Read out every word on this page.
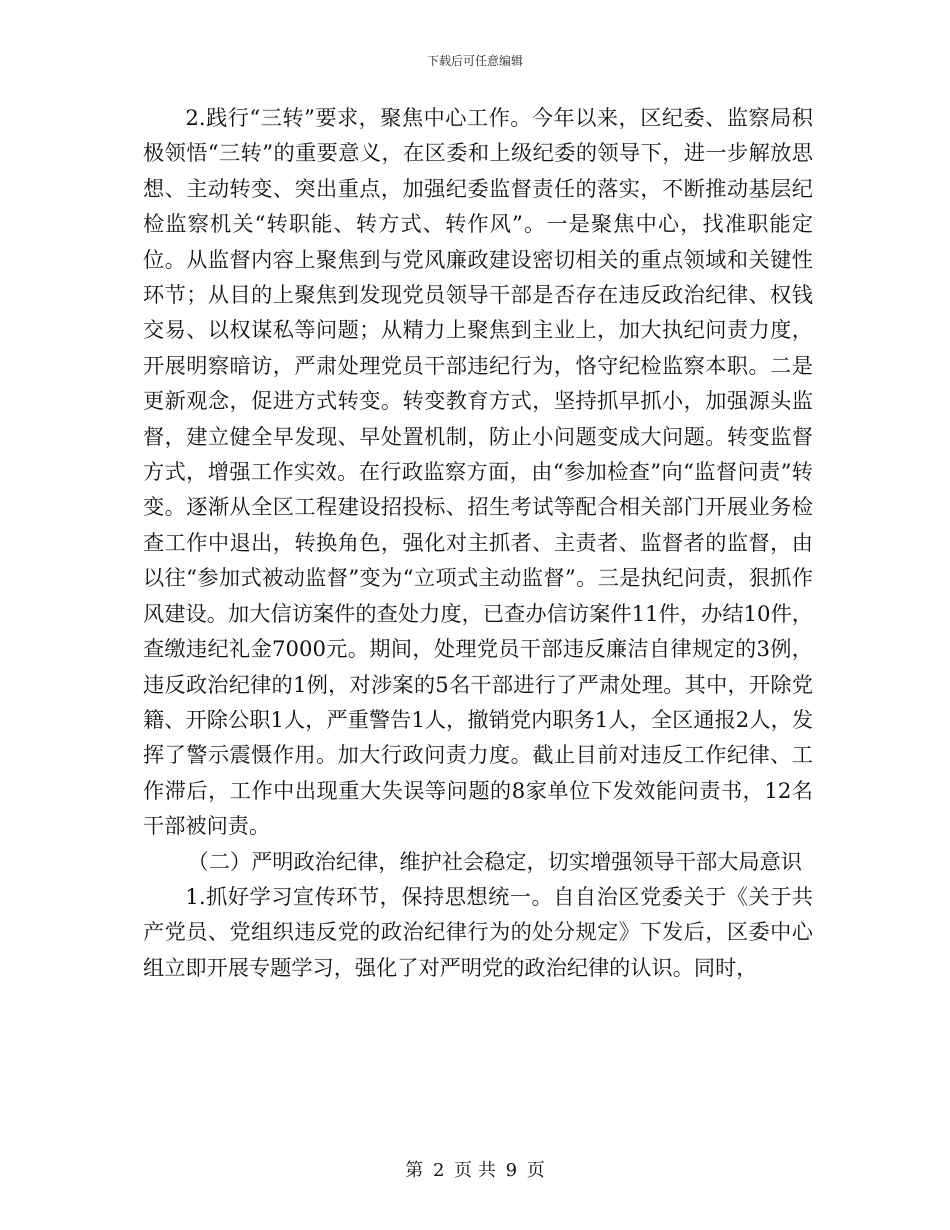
下载后可任意编辑

2.践行“三转”要求，聚焦中心工作。今年以来，区纪委、监察局积极领悟“三转”的重要意义，在区委和上级纪委的领导下，进一步解放思想、主动转变、突出重点，加强纪委监督责任的落实，不断推动基层纪检监察机关“转职能、转方式、转作风”。一是聚焦中心，找准职能定位。从监督内容上聚焦到与党风廉政建设密切相关的重点领域和关键性环节；从目的上聚焦到发现党员领导干部是否存在违反政治纪律、权钱交易、以权谋私等问题；从精力上聚焦到主业上，加大执纪问责力度，开展明察暗访，严肃处理党员干部违纪行为，恪守纪检监察本职。二是更新观念，促进方式转变。转变教育方式，坚持抓早抓小，加强源头监督，建立健全早发现、早处置机制，防止小问题变成大问题。转变监督方式，增强工作实效。在行政监察方面，由“参加检查”向“监督问责”转变。逐渐从全区工程建设招投标、招生考试等配合相关部门开展业务检查工作中退出，转换角色，强化对主抓者、主责者、监督者的监督，由以往“参加式被动监督”变为“立项式主动监督”。三是执纪问责，狠抓作风建设。加大信访案件的查处力度，已查办信访案件11件，办结10件，查缴违纪礼金7000元。期间，处理党员干部违反廉洁自律规定的3例，违反政治纪律的1例，对涉案的5名干部进行了严肃处理。其中，开除党籍、开除公职1人，严重警告1人，撤销党内职务1人，全区通报2人，发挥了警示震慑作用。加大行政问责力度。截止目前对违反工作纪律、工作滞后，工作中出现重大失误等问题的8家单位下发效能问责书，12名干部被问责。

（二）严明政治纪律，维护社会稳定，切实增强领导干部大局意识

1.抓好学习宣传环节，保持思想统一。自自治区党委关于《关于共产党员、党组织违反党的政治纪律行为的处分规定》下发后，区委中心组立即开展专题学习，强化了对严明党的政治纪律的认识。同时，

第 2 页 共 9 页
